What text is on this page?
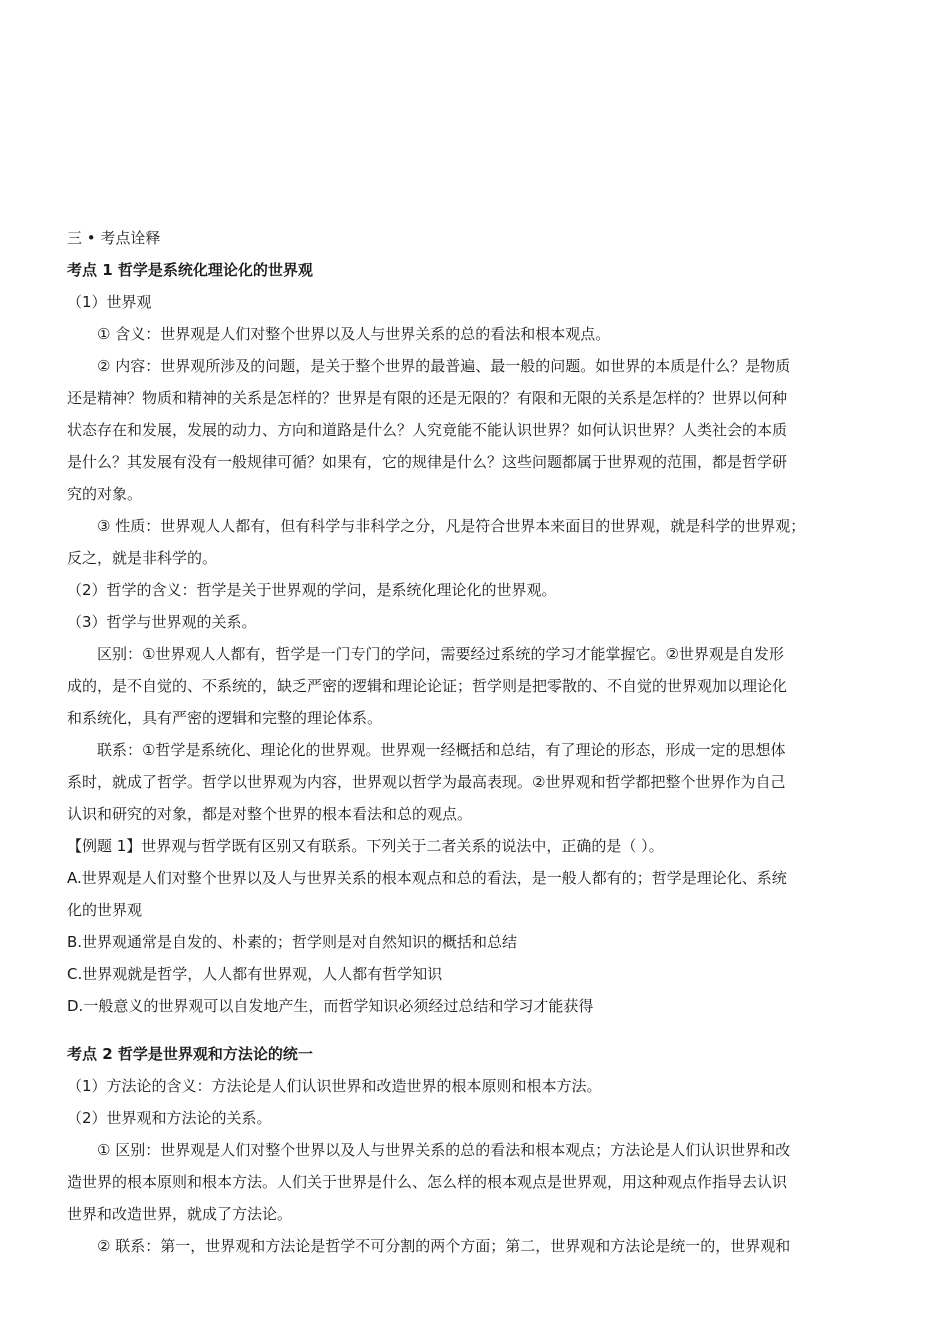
三 • 考点诠释
考点 1 哲学是系统化理论化的世界观
（1）世界观
① 含义：世界观是人们对整个世界以及人与世界关系的总的看法和根本观点。
② 内容：世界观所涉及的问题，是关于整个世界的最普遍、最一般的问题。如世界的本质是什么？是物质
还是精神？物质和精神的关系是怎样的？世界是有限的还是无限的？有限和无限的关系是怎样的？世界以何种
状态存在和发展，发展的动力、方向和道路是什么？人究竟能不能认识世界？如何认识世界？人类社会的本质
是什么？其发展有没有一般规律可循？如果有，它的规律是什么？这些问题都属于世界观的范围，都是哲学研
究的对象。
③ 性质：世界观人人都有，但有科学与非科学之分，凡是符合世界本来面目的世界观，就是科学的世界观；
反之，就是非科学的。
（2）哲学的含义：哲学是关于世界观的学问，是系统化理论化的世界观。
（3）哲学与世界观的关系。
区别：①世界观人人都有，哲学是一门专门的学问，需要经过系统的学习才能掌握它。②世界观是自发形
成的，是不自觉的、不系统的，缺乏严密的逻辑和理论论证；哲学则是把零散的、不自觉的世界观加以理论化
和系统化，具有严密的逻辑和完整的理论体系。
联系：①哲学是系统化、理论化的世界观。世界观一经概括和总结，有了理论的形态，形成一定的思想体
系时，就成了哲学。哲学以世界观为内容，世界观以哲学为最高表现。②世界观和哲学都把整个世界作为自己
认识和研究的对象，都是对整个世界的根本看法和总的观点。
【例题 1】世界观与哲学既有区别又有联系。下列关于二者关系的说法中，正确的是（ ）。
A.世界观是人们对整个世界以及人与世界关系的根本观点和总的看法，是一般人都有的；哲学是理论化、系统
化的世界观
B.世界观通常是自发的、朴素的；哲学则是对自然知识的概括和总结
C.世界观就是哲学，人人都有世界观，人人都有哲学知识
D.一般意义的世界观可以自发地产生，而哲学知识必须经过总结和学习才能获得
考点 2 哲学是世界观和方法论的统一
（1）方法论的含义：方法论是人们认识世界和改造世界的根本原则和根本方法。
（2）世界观和方法论的关系。
① 区别：世界观是人们对整个世界以及人与世界关系的总的看法和根本观点；方法论是人们认识世界和改
造世界的根本原则和根本方法。人们关于世界是什么、怎么样的根本观点是世界观，用这种观点作指导去认识
世界和改造世界，就成了方法论。
② 联系：第一，世界观和方法论是哲学不可分割的两个方面；第二，世界观和方法论是统一的，世界观和
